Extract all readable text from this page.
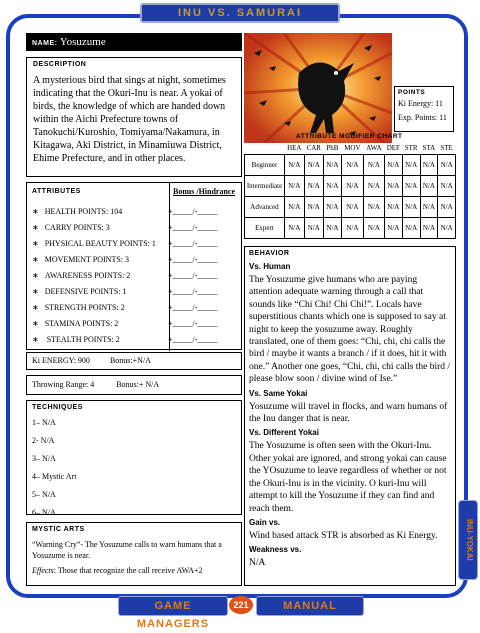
INU VS. SAMURAI
NAME: Yosuzume
DESCRIPTION
A mysterious bird that sings at night, sometimes indicating that the Okuri-Inu is near. A yokai of birds, the knowledge of which are handed down within the Aichi Prefecture towns of Tanokuchi/Kuroshio, Tomiyama/Nakamura, in Kitagawa, Aki District, in Minamiuwa District, Ehime Prefecture, and in other places.
POINTS
Ki Energy: 11
Exp. Points: 11
ATTRIBUTE MODIFIER CHART
	HEA	CAR	PhB	MOV	AWA	DEF	STR	STA	STE
Beginner	N/A	N/A	N/A	N/A	N/A	N/A	N/A	N/A	N/A
Intermediate	N/A	N/A	N/A	N/A	N/A	N/A	N/A	N/A	N/A
Advanced	N/A	N/A	N/A	N/A	N/A	N/A	N/A	N/A	N/A
Expert	N/A	N/A	N/A	N/A	N/A	N/A	N/A	N/A	N/A
ATTRIBUTES	Bonus /Hindrance
∗   HEALTH POINTS: 104	+_____/-_____
∗   CARRY POINTS: 3	+_____/-_____
∗   PHYSICAL BEAUTY POINTS: 1 +_____/-_____
∗   MOVEMENT POINTS: 3	+_____/-_____
∗   AWARENESS POINTS: 2	+_____/-_____
∗   DEFENSIVE POINTS: 1	+_____/-_____
∗   STRENGTH POINTS: 2	+_____/-_____
∗   STAMINA POINTS: 2	+_____/-_____
∗    STEALTH POINTS: 2	+_____/-_____
Ki ENERGY: 900	Bonus:+N/A
Throwing Range: 4	Bonus:+ N/A
TECHNIQUES
1– N/A
2- N/A
3– N/A
4– Mystic Art
5– N/A
6– N/A
MYSTIC ARTS
“Warning Cry”- The Yosuzume calls to warn humans that a Yosuzume is near.
Effects: Those that recognize the call receive AWA+2
BEHAVIOR
Vs. Human
The Yosuzume give humans who are paying attention adequate warning through a call that sounds like “Chi Chi! Chi Chi!”. Locals have superstitious chants which one is supposed to say at night to keep the yosuzume away. Roughly translated, one of them goes: “Chi, chi, chi calls the bird / maybe it wants a branch / if it does, hit it with one.” Another one goes, “Chi, chi, chi calls the bird / please blow soon / divine wind of Ise.”
Vs. Same Yokai
Yosuzume will travel in flocks, and warn humans of the Inu danger that is near.
Vs. Different Yokai
The Yosuzume is often seen with the Okuri-Inu. Other yokai are ignored, and strong yokai can cause the YOsuzume to leave regardless of whether or not the Okuri-Inu is in the vicinity. O kuri-Inu will attempt to kill the Yosuzume if they can find and reach them.
Gain vs.
Wind based attack STR is absorbed as Ki Energy.
Weakness vs.
N/A
INU-YOKAI
GAME MANAGERS
221	MANUAL
